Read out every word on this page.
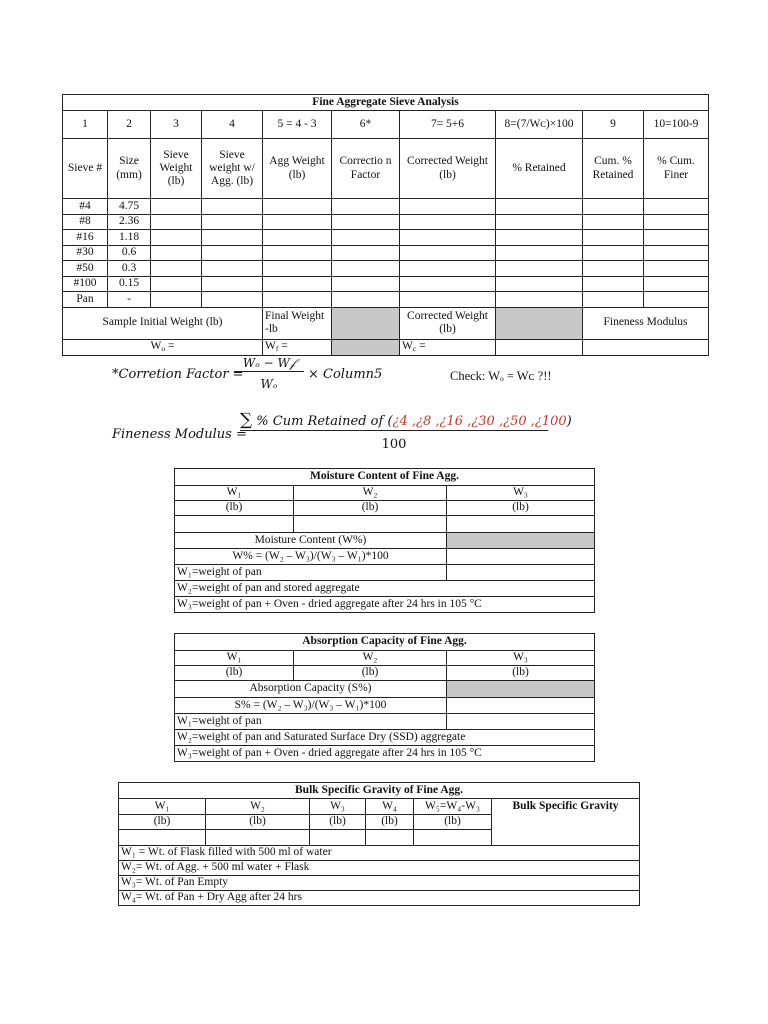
Fine Aggregate Sieve Analysis									
1	2	3	4	5 = 4 - 3	6*	7= 5+6	8=(7/Wᴄ)×100	9	10=100-9
Sieve #	Size (mm)	Sieve Weight (lb)	Sieve weight w/ Agg. (lb)	Agg Weight (lb)	Correctio n Factor	Corrected Weight (lb)	% Retained	Cum. % Retained	% Cum. Finer
#4	4.75								
#8	2.36								
#16	1.18								
#30	0.6								
#50	0.3								
#100	0.15								
Pan	-								
Sample Initial Weight (lb)				Final Weight -lb		Corrected Weight (lb)		Fineness Modulus	
$W_o$ =				$W_f$ =		$W_c$ =			
*Corretion Factor =
Wₒ − W𝒻
Wₒ
× Column5	Check: Wₒ = Wᴄ ?!!
Fineness Modulus =
∑ % Cum Retained of (¿4 ,¿8 ,¿16 ,¿30 ,¿50 ,¿100)
100
Moisture Content of Fine Agg.		
W₁	W₂	W₃
(lb)	(lb)	(lb)

Moisture Content (W%)		
W% = (W₂ – W₃)/(W₃ – W₁)*100		
W₁=weight of pan		
W₂=weight of pan and stored aggregate		
W₃=weight of pan + Oven - dried aggregate after 24 hrs in 105 °C		
Absorption Capacity of Fine Agg.		
W₁	W₂	W₃
(lb)	(lb)	(lb)
Absorption Capacity (S%)		
S% = (W₂ – W₃)/(W₃ – W₁)*100		
W₁=weight of pan		
W₂=weight of pan and Saturated Surface Dry (SSD) aggregate		
W₃=weight of pan + Oven - dried aggregate after 24 hrs in 105 °C		
Bulk Specific Gravity of Fine Agg.					
W₁	W₂	W₃	W₄	W₅=W₄-W₃	Bulk Specific Gravity
(lb)	(lb)	(lb)	(lb)	(lb)	

W₁ = Wt. of Flask filled with 500 ml of water					
W₂= Wt. of Agg. + 500 ml water + Flask					
W₃= Wt. of Pan Empty					
W₄= Wt. of Pan + Dry Agg after 24 hrs					
